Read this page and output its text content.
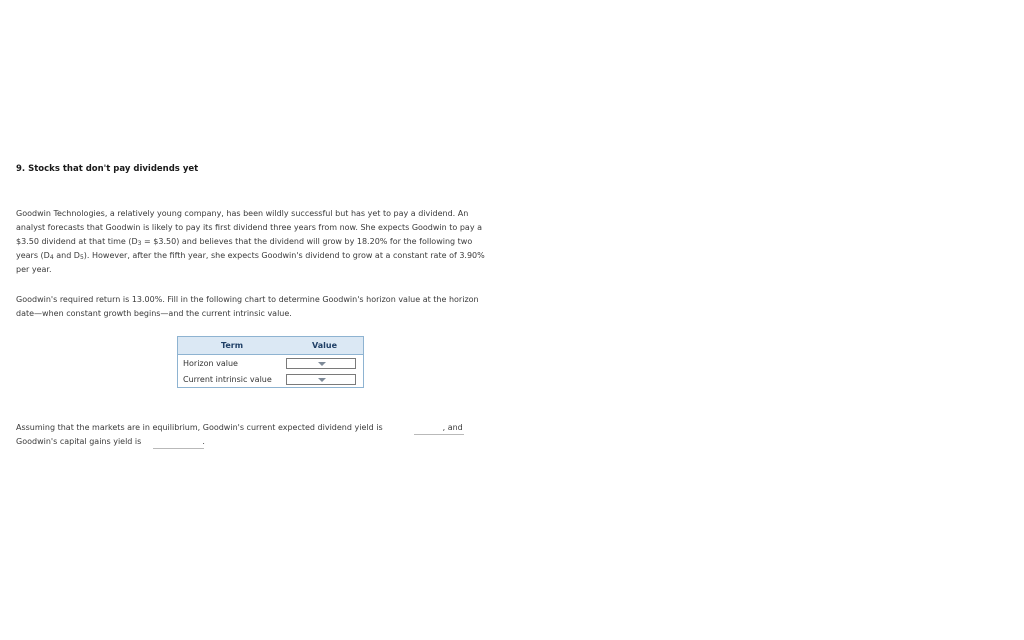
9. Stocks that don't pay dividends yet
Goodwin Technologies, a relatively young company, has been wildly successful but has yet to pay a dividend. An
analyst forecasts that Goodwin is likely to pay its first dividend three years from now. She expects Goodwin to pay a
$3.50 dividend at that time ($D_3$ = $3.50) and believes that the dividend will grow by 18.20% for the following two
years ($D_4$ and $D_5$). However, after the fifth year, she expects Goodwin's dividend to grow at a constant rate of 3.90%
per year.
Goodwin's required return is 13.00%. Fill in the following chart to determine Goodwin's horizon value at the horizon
date—when constant growth begins—and the current intrinsic value.
Term	Value
Horizon value	

Current intrinsic value	
Assuming that the markets are in equilibrium, Goodwin's current expected dividend yield is	, and
Goodwin's capital gains yield is	.
